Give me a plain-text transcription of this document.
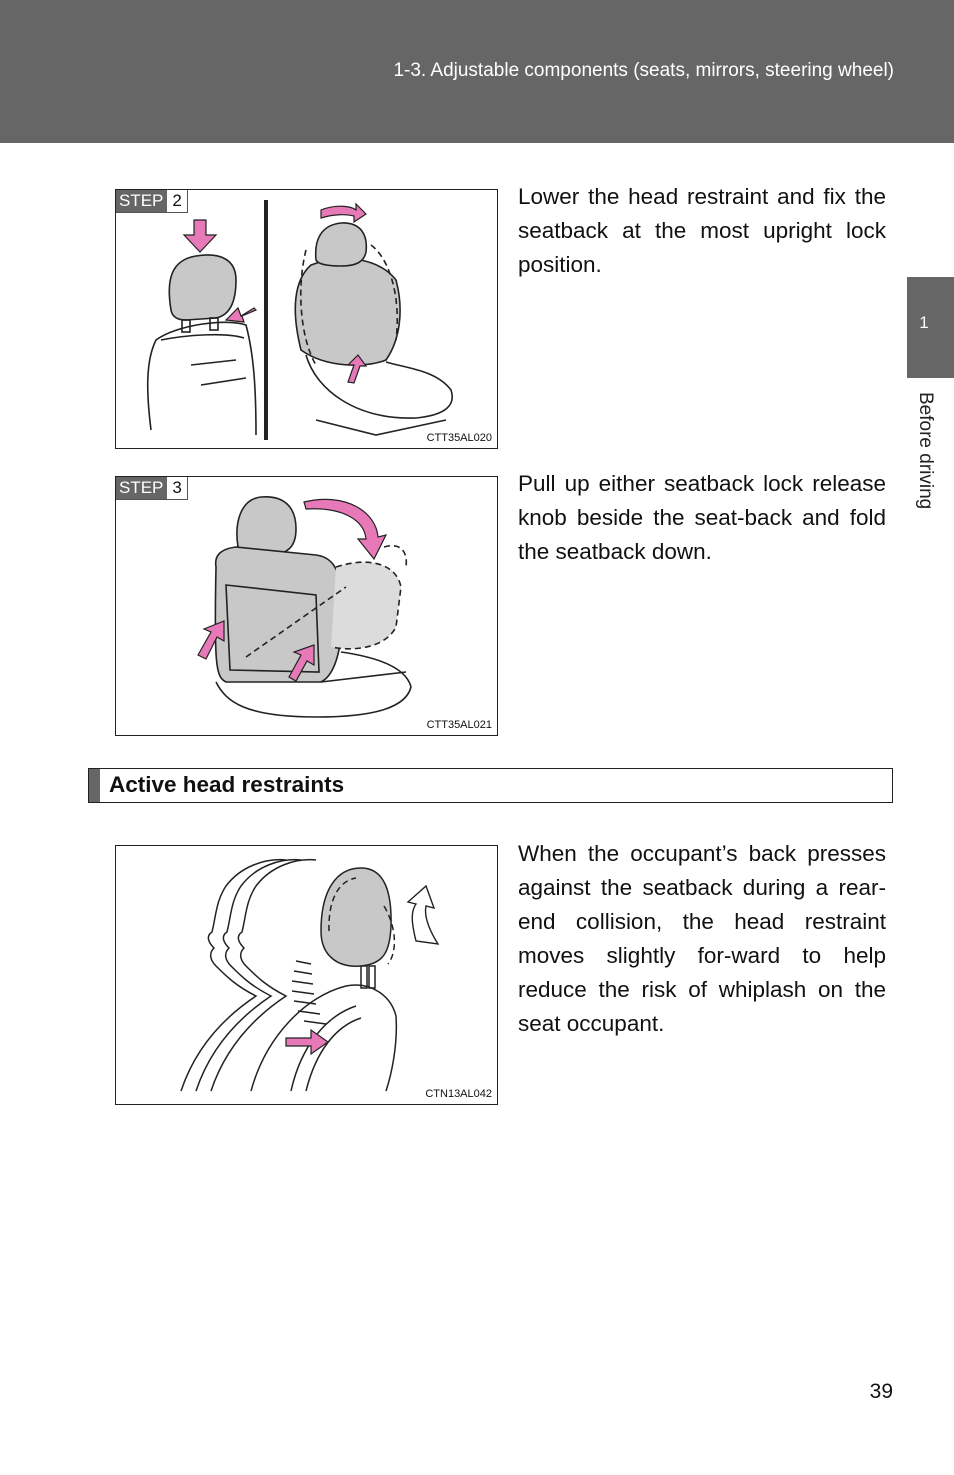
1-3. Adjustable components (seats, mirrors, steering wheel)
1
Before driving
STEP 2
CTT35AL020
Lower the head restraint and fix the seatback at the most upright lock position.
STEP 3
CTT35AL021
Pull up either seatback lock release knob beside the seat-back and fold the seatback down.
Active head restraints
CTN13AL042
When the occupant’s back presses against the seatback during a rear-end collision, the head restraint moves slightly for-ward to help reduce the risk of whiplash on the seat occupant.
39
